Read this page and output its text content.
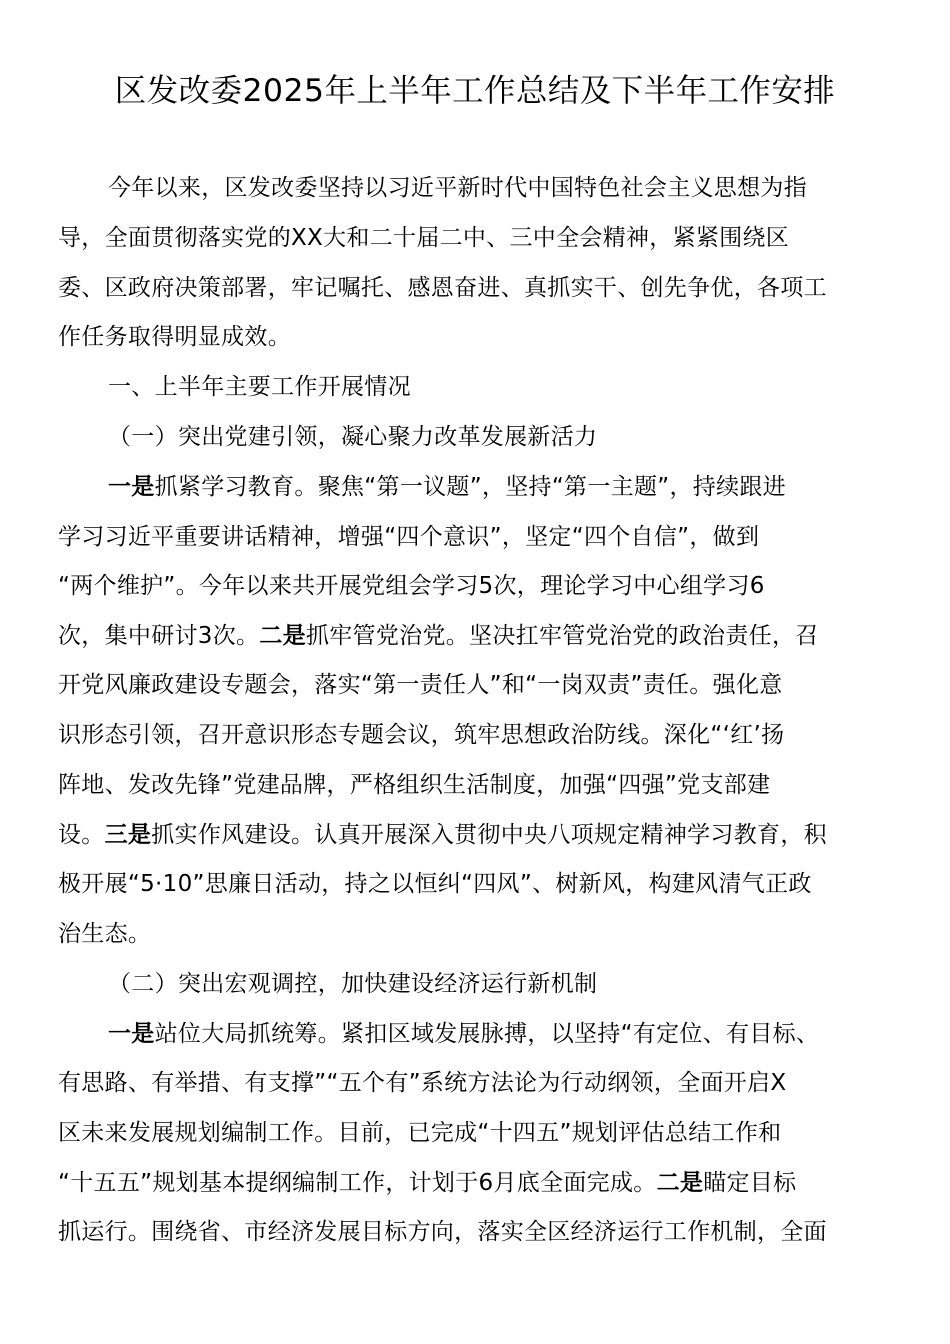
区发改委2025年上半年工作总结及下半年工作安排
今年以来，区发改委坚持以习近平新时代中国特色社会主义思想为指
导，全面贯彻落实党的XX大和二十届二中、三中全会精神，紧紧围绕区
委、区政府决策部署，牢记嘱托、感恩奋进、真抓实干、创先争优，各项工
作任务取得明显成效。
一、上半年主要工作开展情况
（一）突出党建引领，凝心聚力改革发展新活力
一是抓紧学习教育。聚焦“第一议题”，坚持“第一主题”，持续跟进
学习习近平重要讲话精神，增强“四个意识”，坚定“四个自信”，做到
“两个维护”。今年以来共开展党组会学习5次，理论学习中心组学习6
次，集中研讨3次。二是抓牢管党治党。坚决扛牢管党治党的政治责任，召
开党风廉政建设专题会，落实“第一责任人”和“一岗双责”责任。强化意
识形态引领，召开意识形态专题会议，筑牢思想政治防线。深化“‘红’扬
阵地、发改先锋”党建品牌，严格组织生活制度，加强“四强”党支部建
设。三是抓实作风建设。认真开展深入贯彻中央八项规定精神学习教育，积
极开展“5·10”思廉日活动，持之以恒纠“四风”、树新风，构建风清气正政
治生态。
（二）突出宏观调控，加快建设经济运行新机制
一是站位大局抓统筹。紧扣区域发展脉搏，以坚持“有定位、有目标、
有思路、有举措、有支撑”“五个有”系统方法论为行动纲领，全面开启X
区未来发展规划编制工作。目前，已完成“十四五”规划评估总结工作和
“十五五”规划基本提纲编制工作，计划于6月底全面完成。二是瞄定目标
抓运行。围绕省、市经济发展目标方向，落实全区经济运行工作机制，全面
